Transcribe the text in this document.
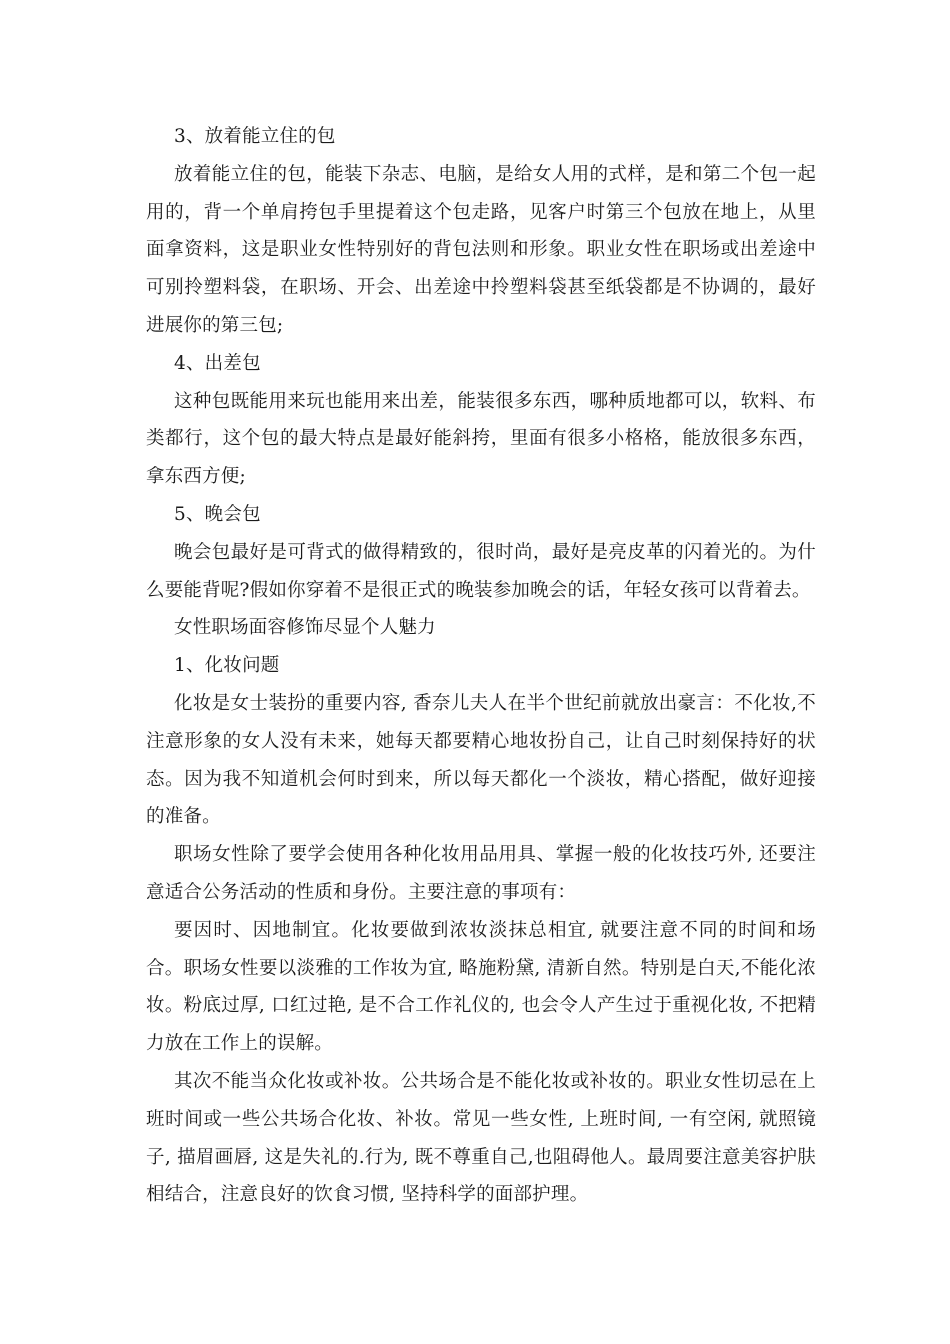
3、放着能立住的包

放着能立住的包，能装下杂志、电脑，是给女人用的式样，是和第二个包一起用的，背一个单肩挎包手里提着这个包走路，见客户时第三个包放在地上，从里面拿资料，这是职业女性特别好的背包法则和形象。职业女性在职场或出差途中可别拎塑料袋，在职场、开会、出差途中拎塑料袋甚至纸袋都是不协调的，最好进展你的第三包;

4、出差包

这种包既能用来玩也能用来出差，能装很多东西，哪种质地都可以，软料、布类都行，这个包的最大特点是最好能斜挎，里面有很多小格格，能放很多东西，拿东西方便;

5、晚会包

晚会包最好是可背式的做得精致的，很时尚，最好是亮皮革的闪着光的。为什么要能背呢?假如你穿着不是很正式的晚装参加晚会的话，年轻女孩可以背着去。

女性职场面容修饰尽显个人魅力

1、化妆问题

化妆是女士装扮的重要内容, 香奈儿夫人在半个世纪前就放出豪言：不化妆,不注意形象的女人没有未来，她每天都要精心地妆扮自己，让自己时刻保持好的状态。因为我不知道机会何时到来，所以每天都化一个淡妆，精心搭配，做好迎接的准备。

职场女性除了要学会使用各种化妆用品用具、掌握一般的化妆技巧外, 还要注意适合公务活动的性质和身份。主要注意的事项有：

要因时、因地制宜。化妆要做到浓妆淡抹总相宜, 就要注意不同的时间和场合。职场女性要以淡雅的工作妆为宜, 略施粉黛, 清新自然。特别是白天,不能化浓妆。粉底过厚, 口红过艳, 是不合工作礼仪的, 也会令人产生过于重视化妆, 不把精力放在工作上的误解。

其次不能当众化妆或补妆。公共场合是不能化妆或补妆的。职业女性切忌在上班时间或一些公共场合化妆、补妆。常见一些女性, 上班时间, 一有空闲, 就照镜子, 描眉画唇, 这是失礼的.行为, 既不尊重自己,也阻碍他人。最周要注意美容护肤相结合，注意良好的饮食习惯, 坚持科学的面部护理。
